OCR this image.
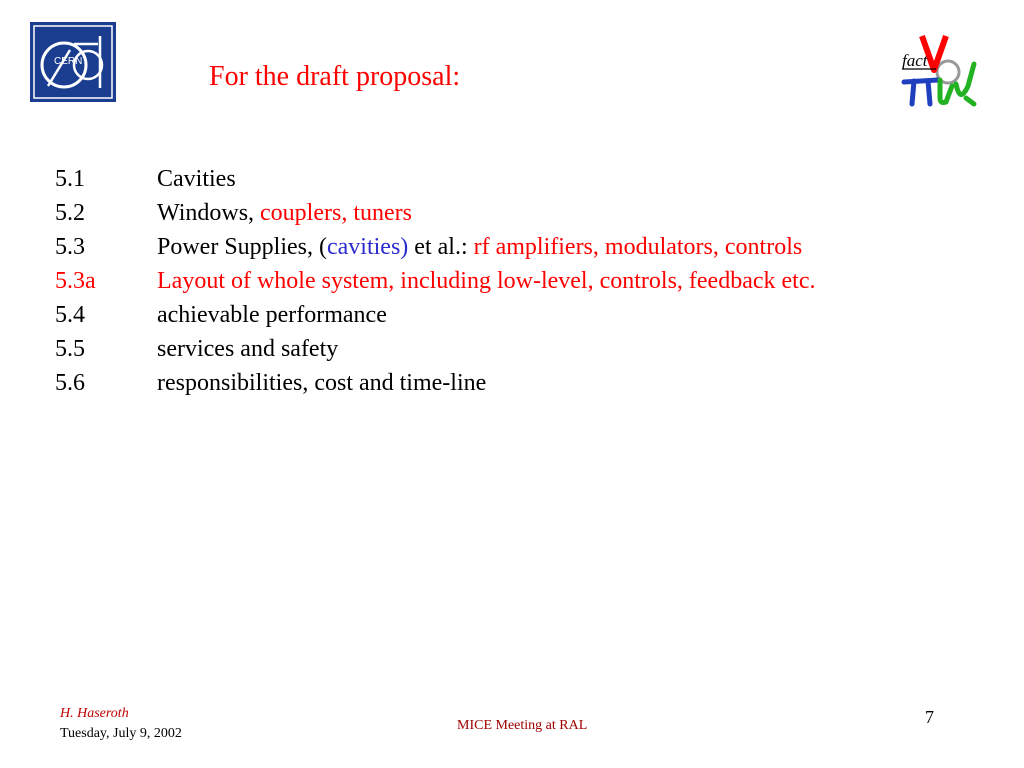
CERN	For the draft proposal:
fact
5.1	Cavities
5.2	Windows, couplers, tuners
5.3	Power Supplies, (cavities) et al.: rf amplifiers, modulators, controls
5.3a	Layout of whole system, including low-level, controls, feedback etc.
5.4	achievable performance
5.5	services and safety
5.6	responsibilities, cost and time-line
H. Haseroth
Tuesday, July 9, 2002
MICE Meeting at RAL	7
